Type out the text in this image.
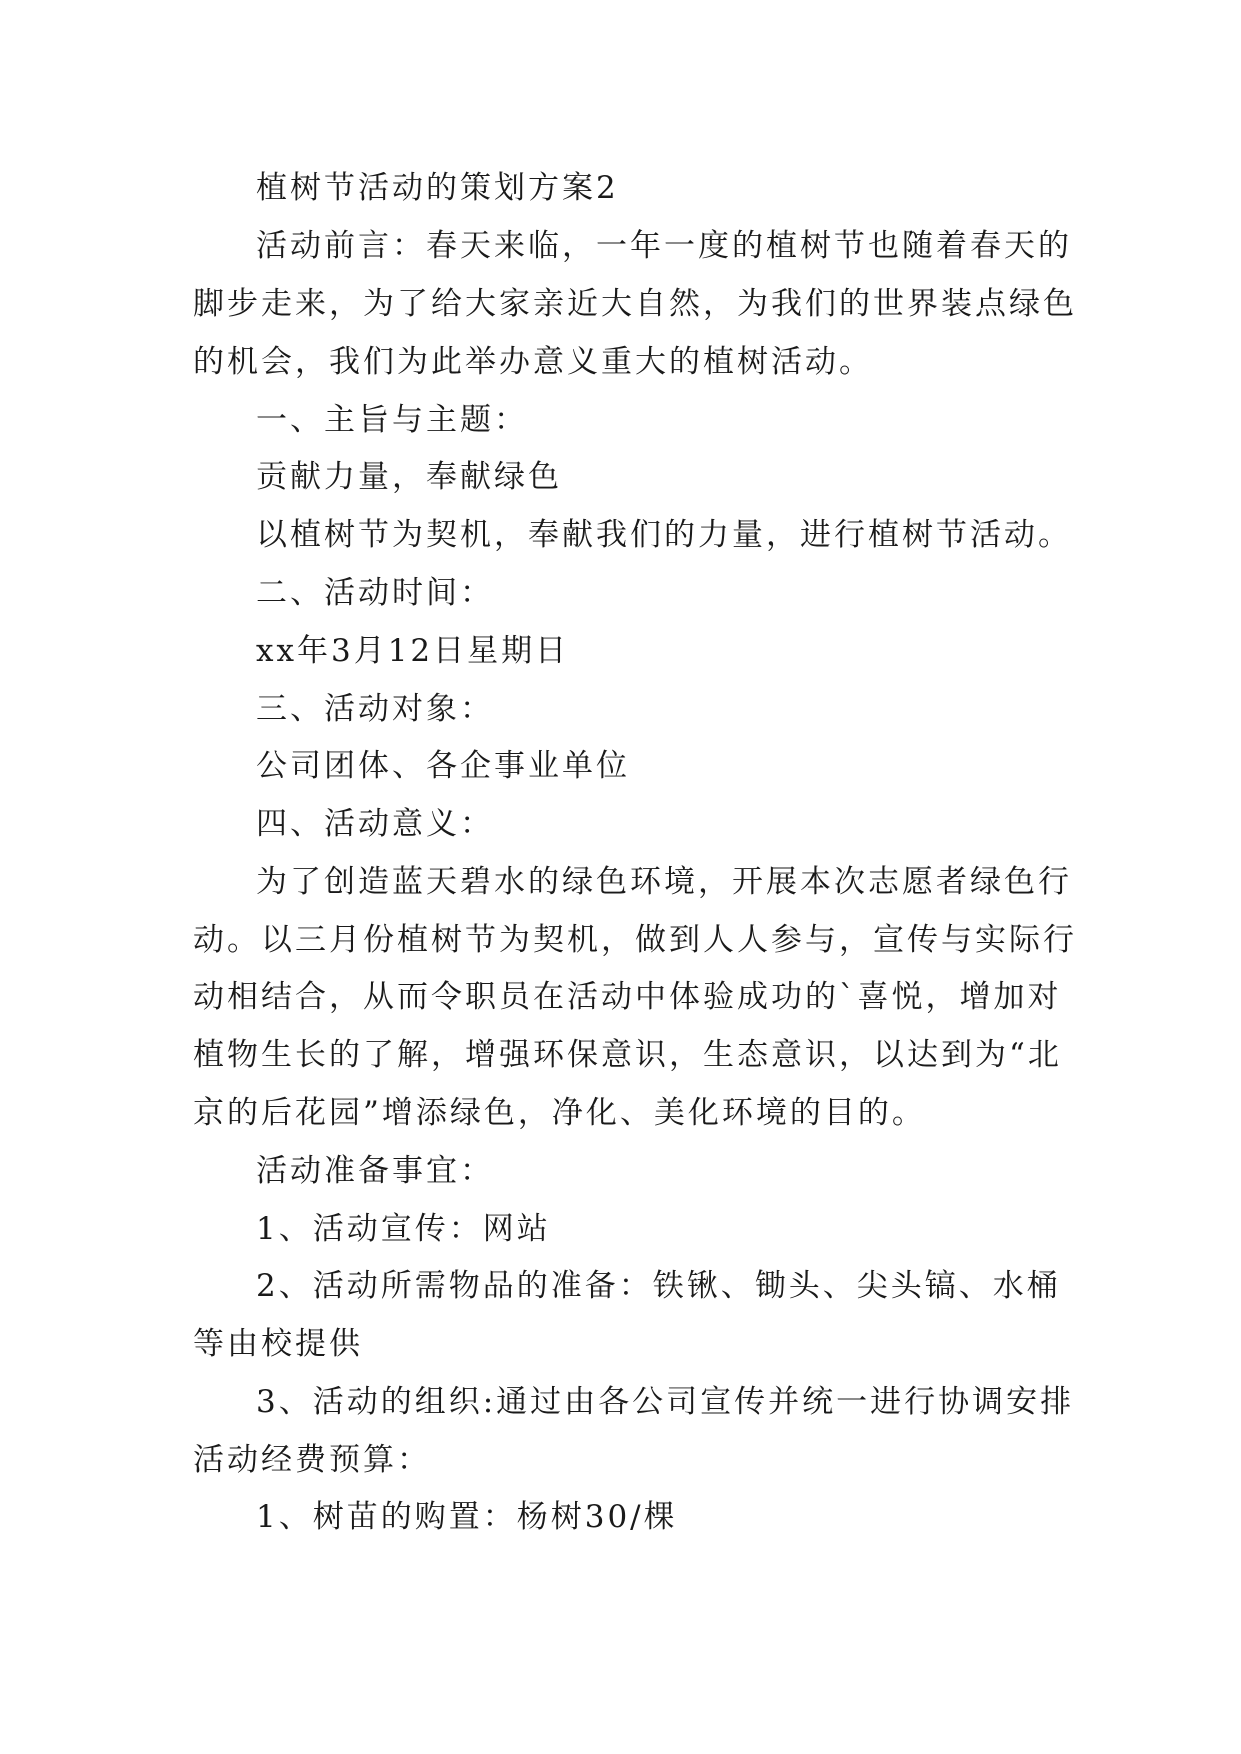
植树节活动的策划方案2

活动前言：春天来临，一年一度的植树节也随着春天的

脚步走来，为了给大家亲近大自然，为我们的世界装点绿色

的机会，我们为此举办意义重大的植树活动。

一、主旨与主题：

贡献力量，奉献绿色

以植树节为契机，奉献我们的力量，进行植树节活动。

二、活动时间：

xx年3月12日星期日

三、活动对象：

公司团体、各企事业单位

四、活动意义：

为了创造蓝天碧水的绿色环境，开展本次志愿者绿色行

动。以三月份植树节为契机，做到人人参与，宣传与实际行

动相结合，从而令职员在活动中体验成功的`喜悦，增加对

植物生长的了解，增强环保意识，生态意识，以达到为“北

京的后花园”增添绿色，净化、美化环境的目的。

活动准备事宜：

1、活动宣传：网站

2、活动所需物品的准备：铁锹、锄头、尖头镐、水桶

等由校提供

3、活动的组织:通过由各公司宣传并统一进行协调安排

活动经费预算：

1、树苗的购置：杨树30/棵
